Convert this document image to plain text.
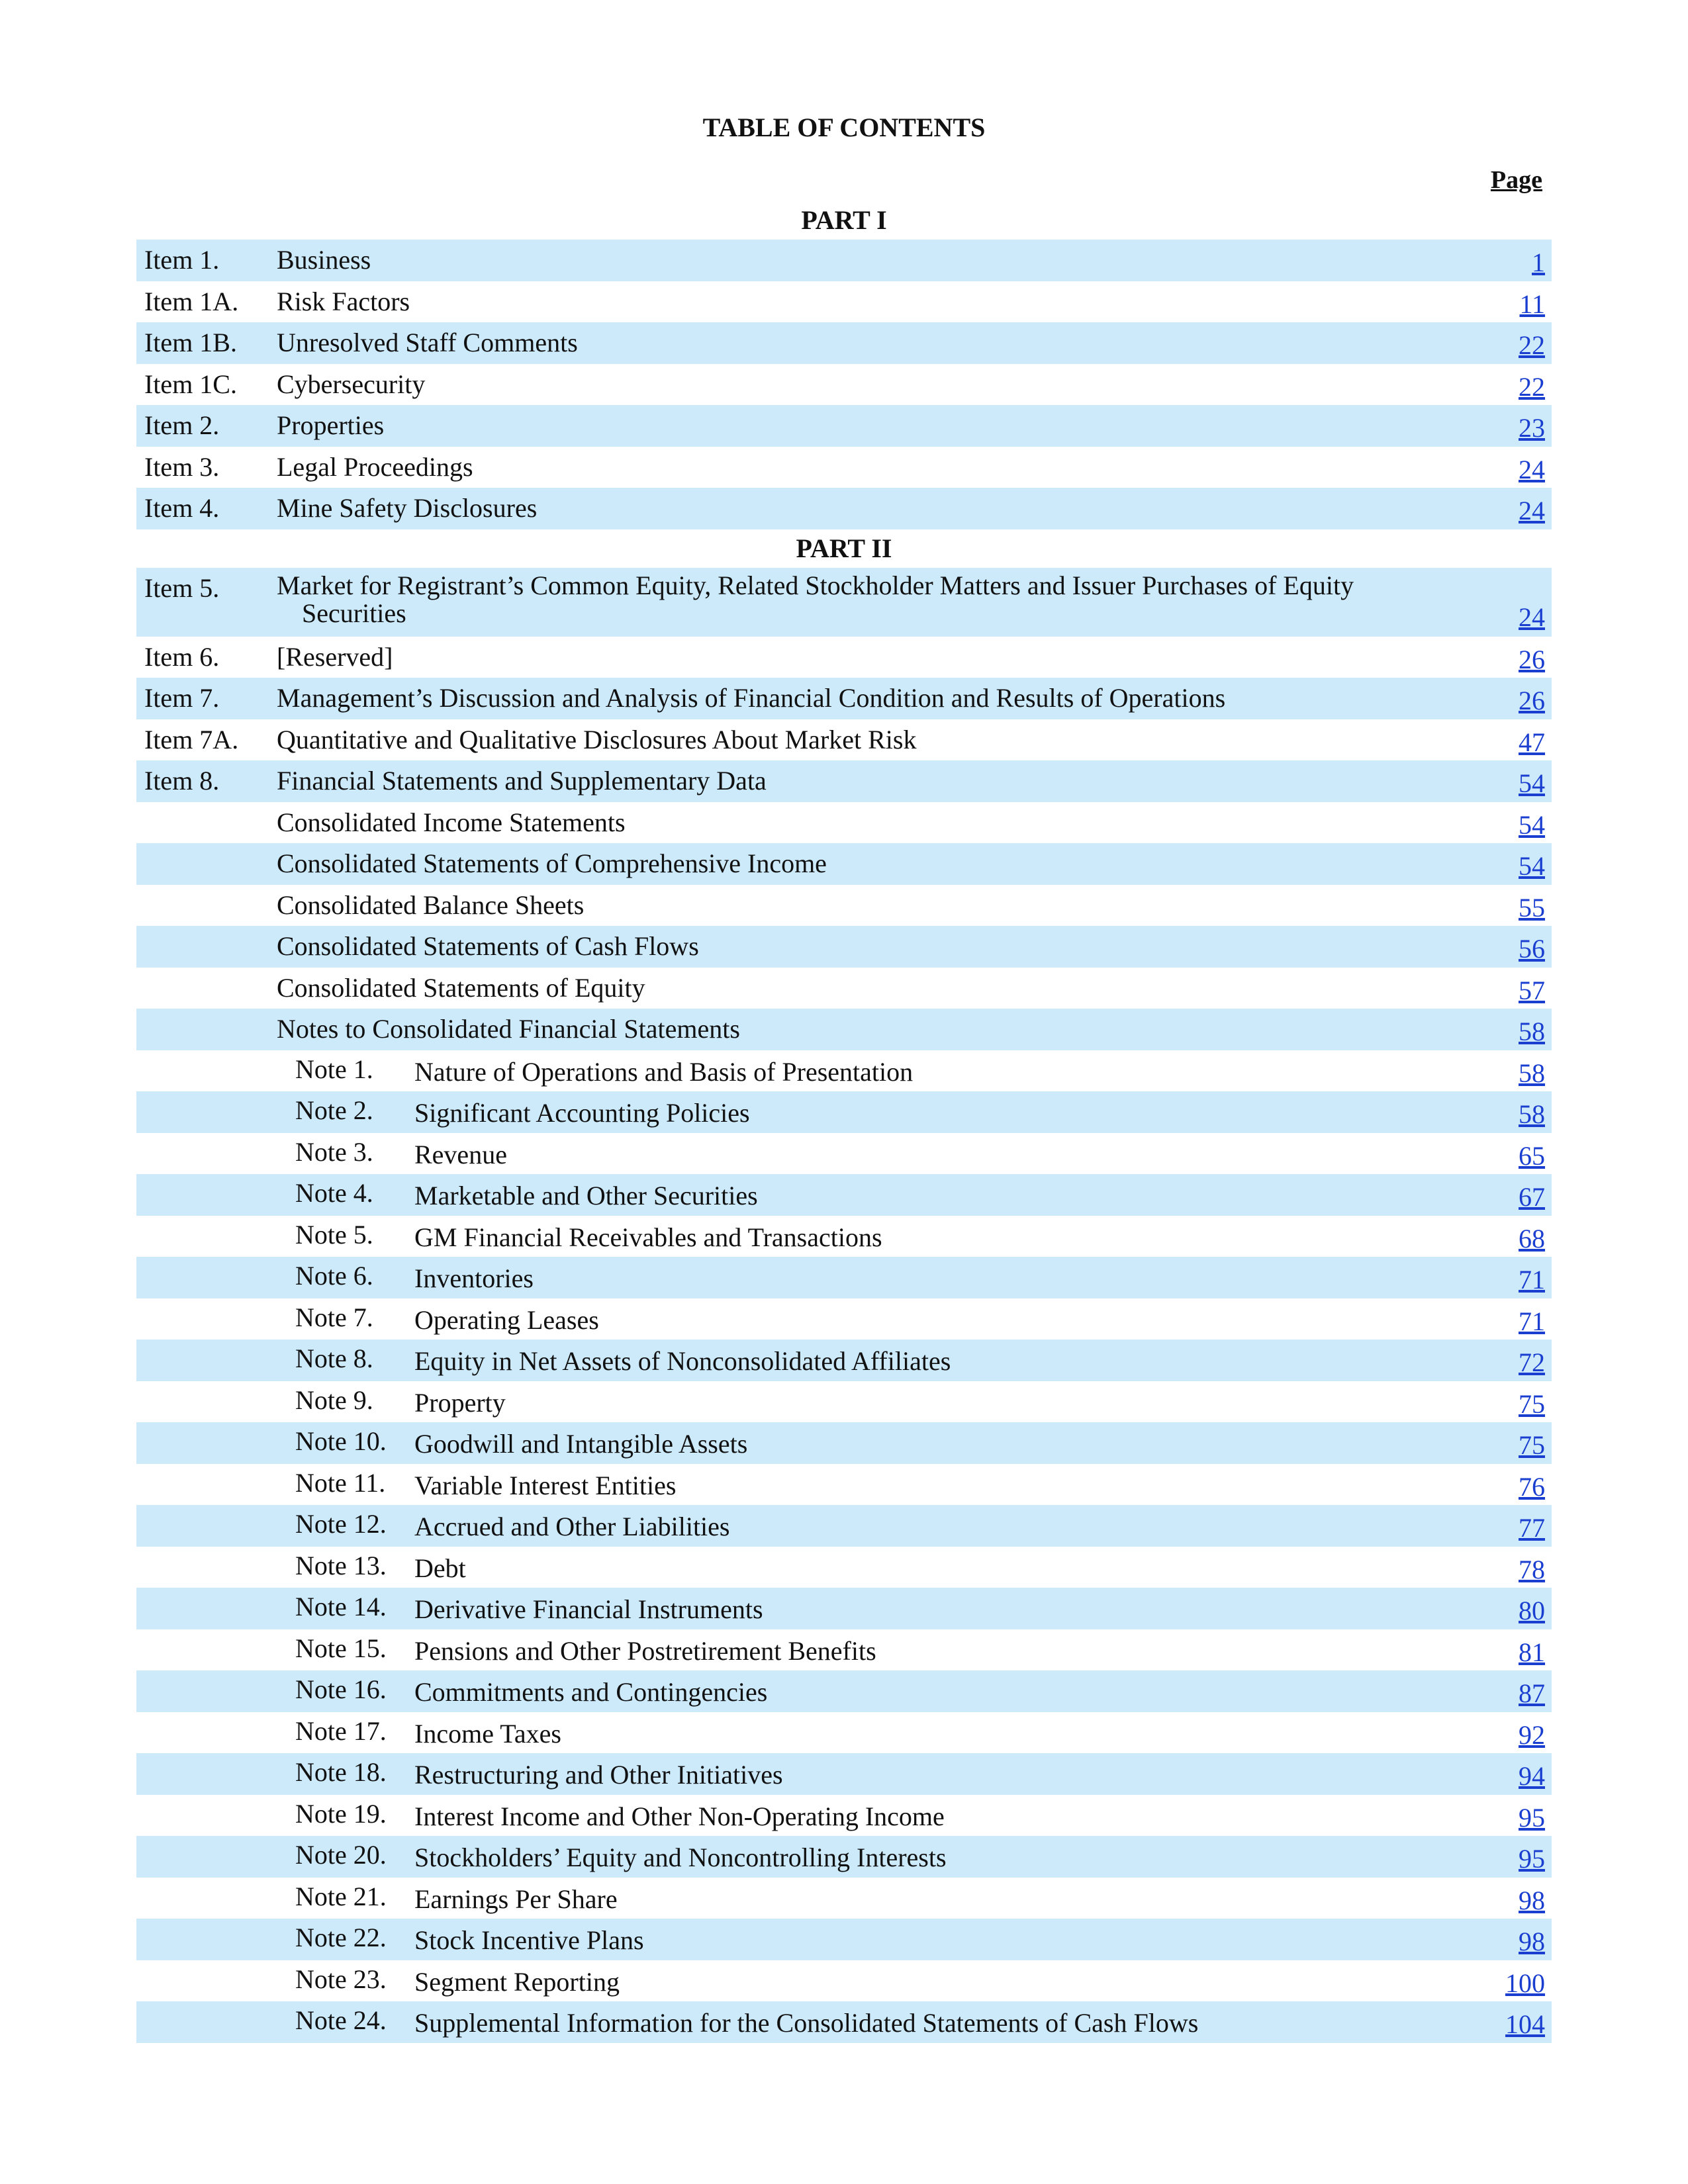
TABLE OF CONTENTS
Page
PART I
Item 1. Business	1
Item 1A. Risk Factors	11
Item 1B. Unresolved Staff Comments	22
Item 1C. Cybersecurity	22
Item 2. Properties	23
Item 3. Legal Proceedings	24
Item 4. Mine Safety Disclosures	24
PART II
Item 5. Market for Registrant’s Common Equity, Related Stockholder Matters and Issuer Purchases of Equity
Securities	24
Item 6. [Reserved]	26
Item 7. Management’s Discussion and Analysis of Financial Condition and Results of Operations	26
Item 7A. Quantitative and Qualitative Disclosures About Market Risk	47
Item 8. Financial Statements and Supplementary Data	54
Consolidated Income Statements	54
Consolidated Statements of Comprehensive Income	54
Consolidated Balance Sheets	55
Consolidated Statements of Cash Flows	56
Consolidated Statements of Equity	57
Notes to Consolidated Financial Statements	58
Note 1. Nature of Operations and Basis of Presentation	58
Note 2. Significant Accounting Policies	58
Note 3. Revenue	65
Note 4. Marketable and Other Securities	67
Note 5. GM Financial Receivables and Transactions	68
Note 6. Inventories	71
Note 7. Operating Leases	71
Note 8. Equity in Net Assets of Nonconsolidated Affiliates	72
Note 9. Property	75
Note 10. Goodwill and Intangible Assets	75
Note 11. Variable Interest Entities	76
Note 12. Accrued and Other Liabilities	77
Note 13. Debt	78
Note 14. Derivative Financial Instruments	80
Note 15. Pensions and Other Postretirement Benefits	81
Note 16. Commitments and Contingencies	87
Note 17. Income Taxes	92
Note 18. Restructuring and Other Initiatives	94
Note 19. Interest Income and Other Non-Operating Income	95
Note 20. Stockholders’ Equity and Noncontrolling Interests	95
Note 21. Earnings Per Share	98
Note 22. Stock Incentive Plans	98
Note 23. Segment Reporting	100
Note 24. Supplemental Information for the Consolidated Statements of Cash Flows	104
